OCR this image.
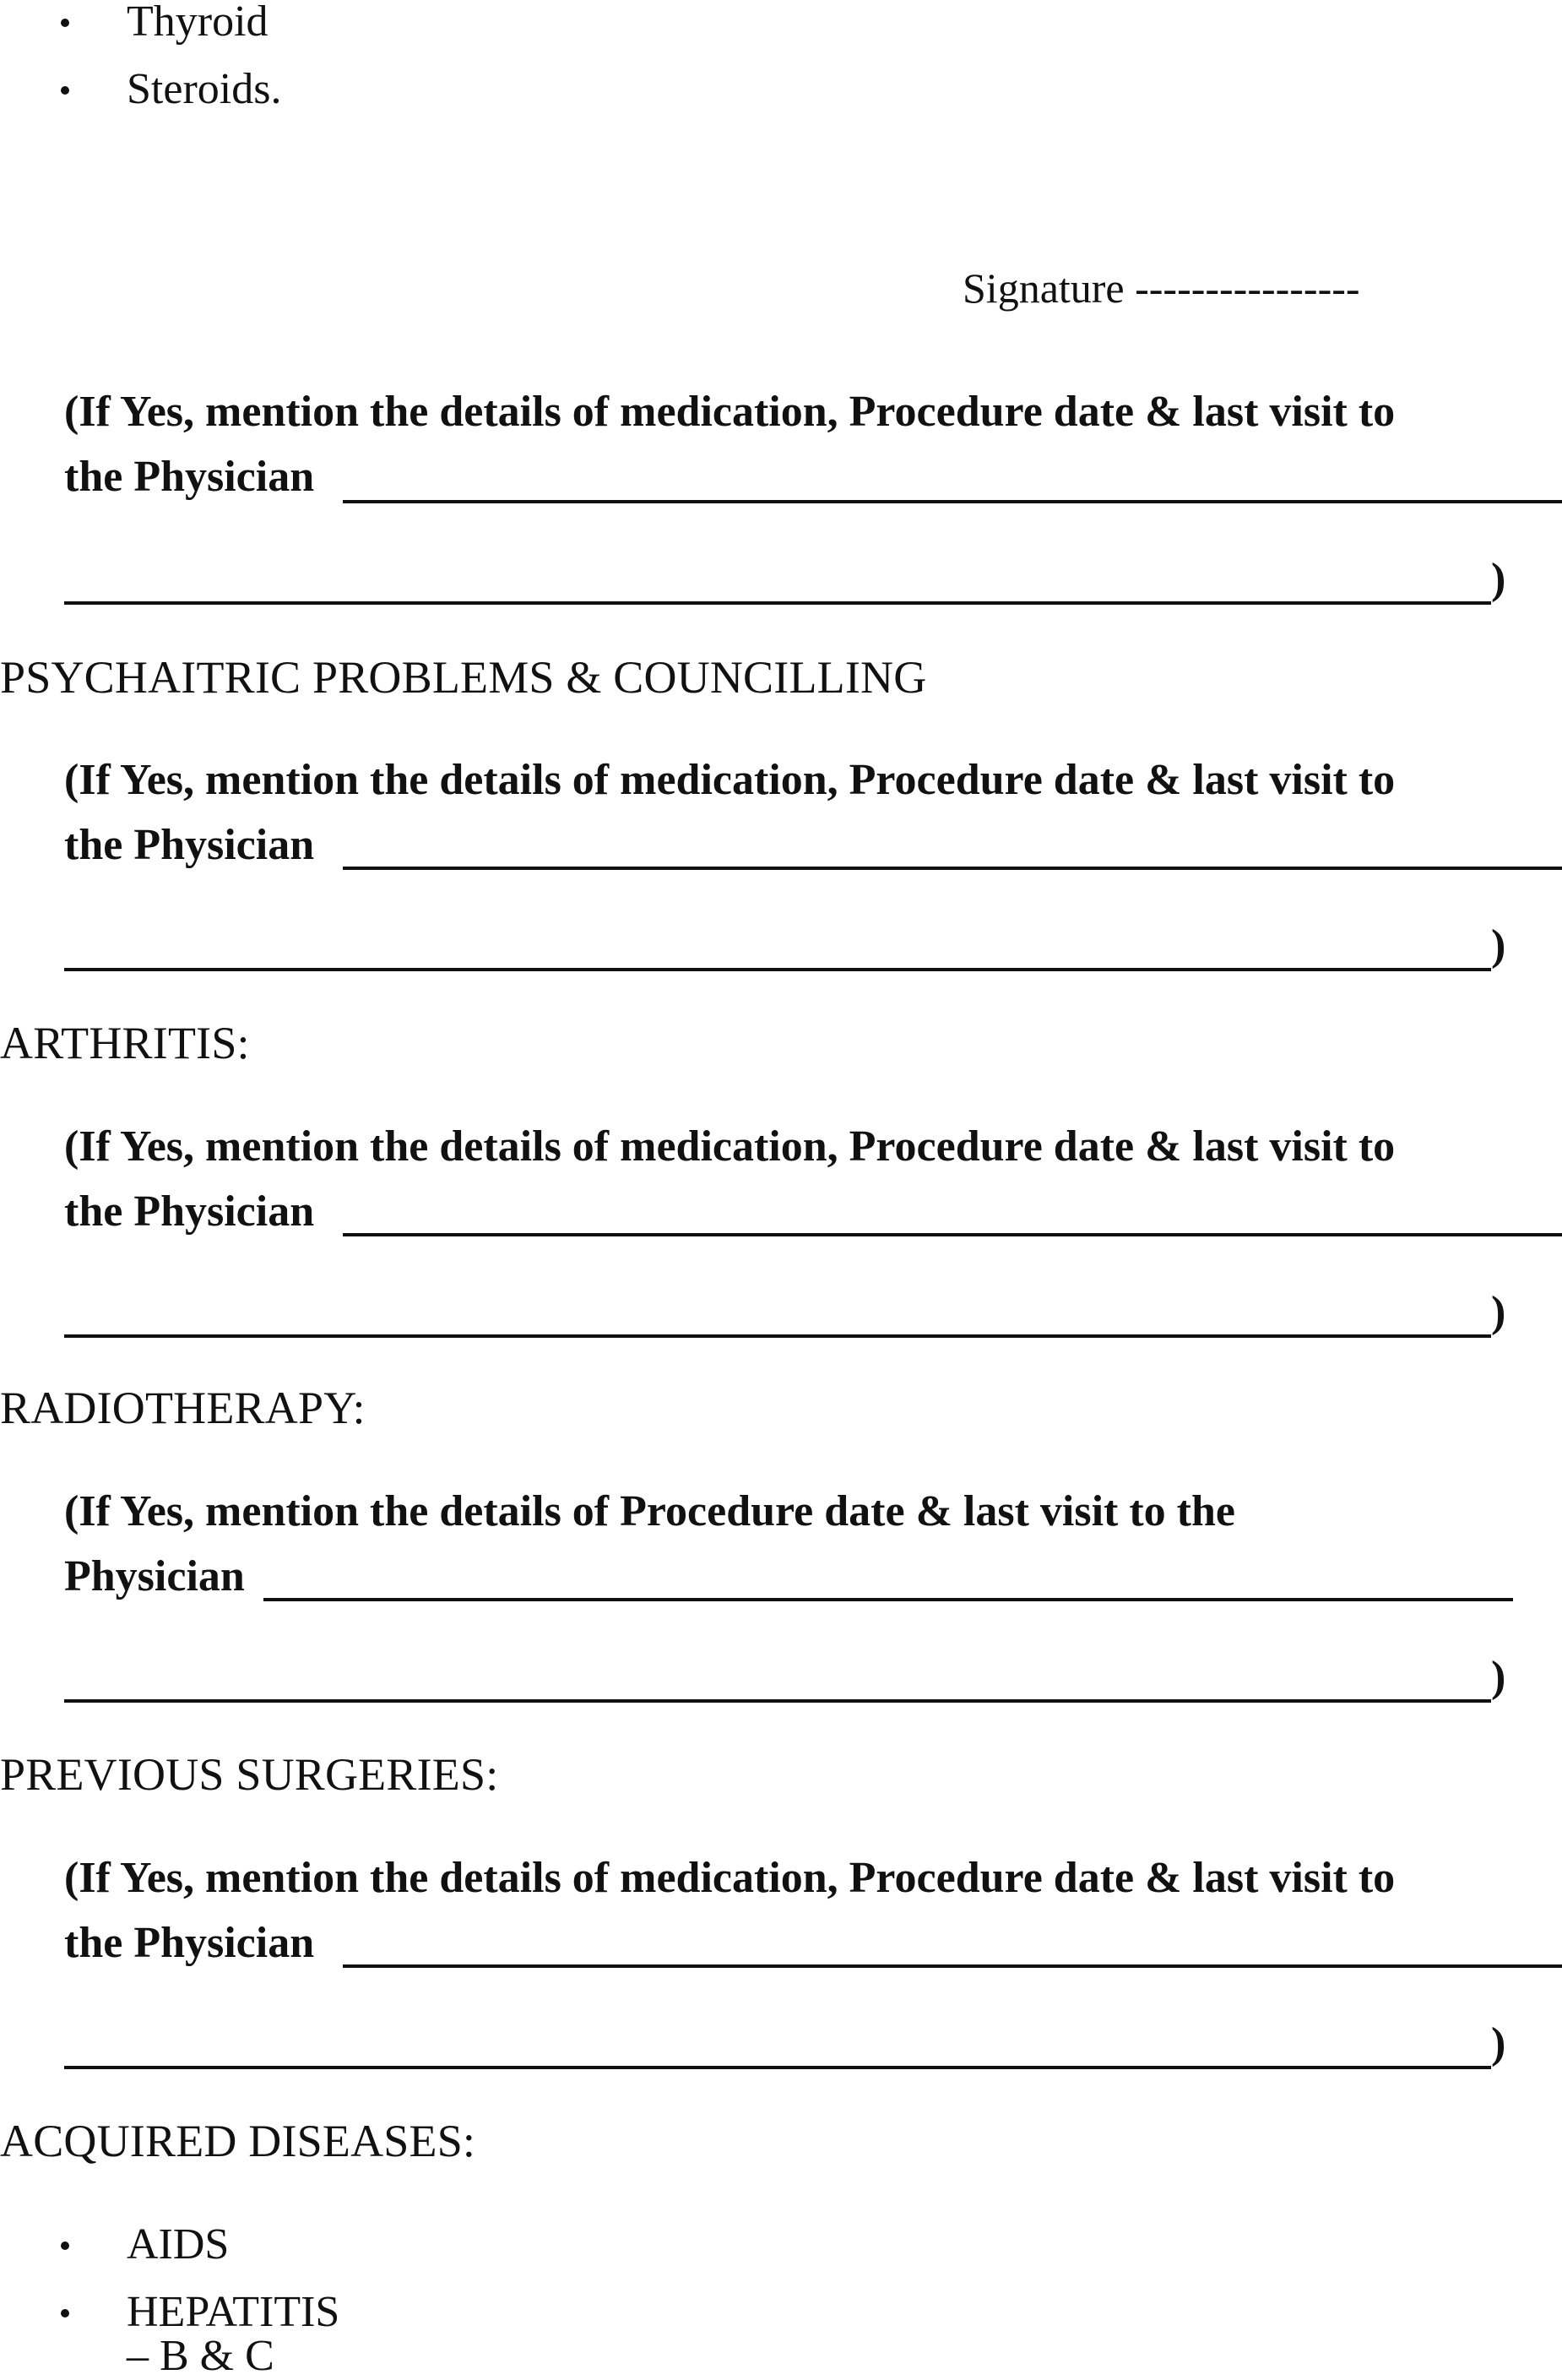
Thyroid
Steroids.
Signature ----------------
(If Yes, mention the details of medication, Procedure date & last visit to
the Physician
)
PSYCHAITRIC PROBLEMS & COUNCILLING
(If Yes, mention the details of medication, Procedure date & last visit to
the Physician
)
ARTHRITIS:
(If Yes, mention the details of medication, Procedure date & last visit to
the Physician
)
RADIOTHERAPY:
(If Yes, mention the details of Procedure date & last visit to the
Physician
)
PREVIOUS SURGERIES:
(If Yes, mention the details of medication, Procedure date & last visit to
the Physician
)
ACQUIRED DISEASES:
AIDS
HEPATITIS – B & C
